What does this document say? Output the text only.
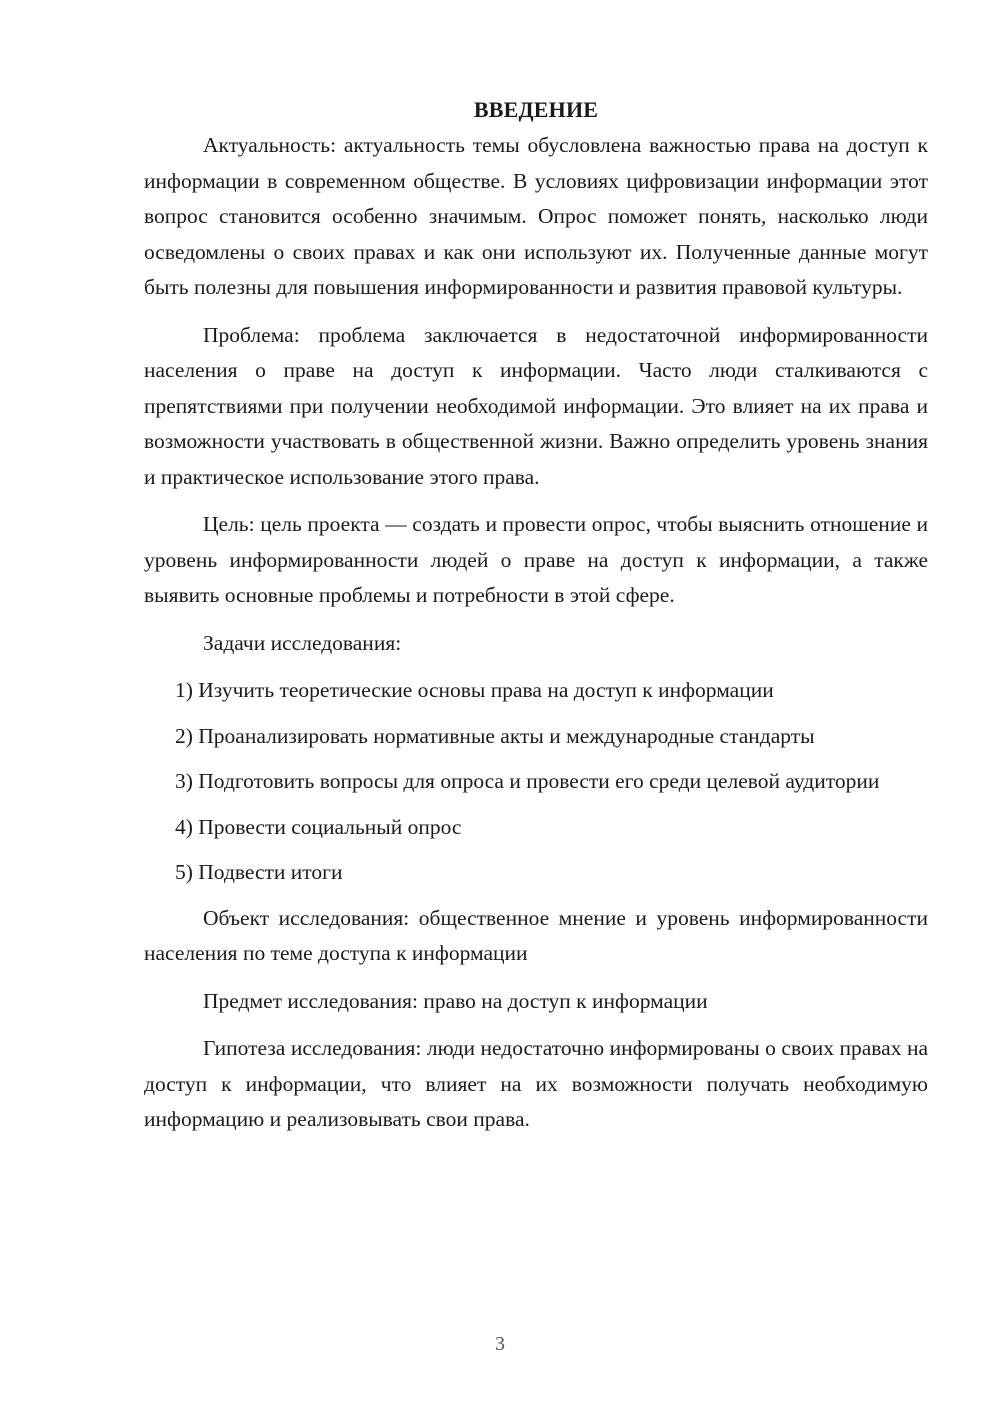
ВВЕДЕНИЕ

Актуальность: актуальность темы обусловлена важностью права на доступ к информации в современном обществе. В условиях цифровизации информации этот вопрос становится особенно значимым. Опрос поможет понять, насколько люди осведомлены о своих правах и как они используют их. Полученные данные могут быть полезны для повышения информированности и развития правовой культуры.

Проблема: проблема заключается в недостаточной информированности населения о праве на доступ к информации. Часто люди сталкиваются с препятствиями при получении необходимой информации. Это влияет на их права и возможности участвовать в общественной жизни. Важно определить уровень знания и практическое использование этого права.

Цель: цель проекта — создать и провести опрос, чтобы выяснить отношение и уровень информированности людей о праве на доступ к информации, а также выявить основные проблемы и потребности в этой сфере.

Задачи исследования:

1) Изучить теоретические основы права на доступ к информации

2) Проанализировать нормативные акты и международные стандарты

3) Подготовить вопросы для опроса и провести его среди целевой аудитории

4) Провести социальный опрос

5) Подвести итоги

Объект исследования: общественное мнение и уровень информированности населения по теме доступа к информации

Предмет исследования: право на доступ к информации

Гипотеза исследования: люди недостаточно информированы о своих правах на доступ к информации, что влияет на их возможности получать необходимую информацию и реализовывать свои права.

3
